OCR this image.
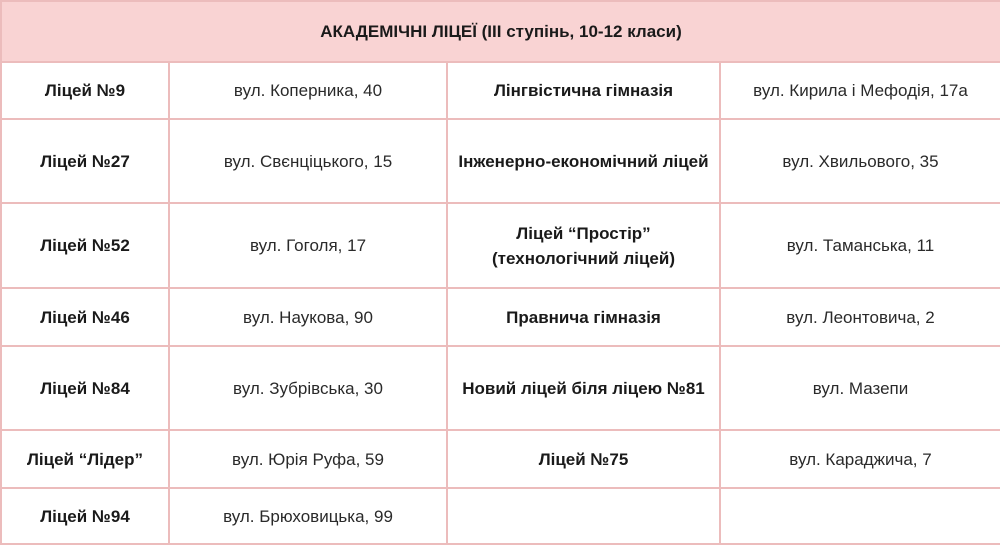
АКАДЕМІЧНІ ЛІЦЕЇ (ІІІ ступінь, 10-12 класи)			
Ліцей №9	вул. Коперника, 40	Лінгвістична гімназія	вул. Кирила і Мефодія, 17а
Ліцей №27	вул. Свєнціцького, 15	Інженерно-економічний ліцей	вул. Хвильового, 35
Ліцей №52	вул. Гоголя, 17	Ліцей “Простір” (технологічний ліцей)	вул. Таманська, 11
Ліцей №46	вул. Наукова, 90	Правнича гімназія	вул. Леонтовича, 2
Ліцей №84	вул. Зубрівська, 30	Новий ліцей біля ліцею №81	вул. Мазепи
Ліцей “Лідер”	вул. Юрія Руфа, 59	Ліцей №75	вул. Караджича, 7
Ліцей №94	вул. Брюховицька, 99		
